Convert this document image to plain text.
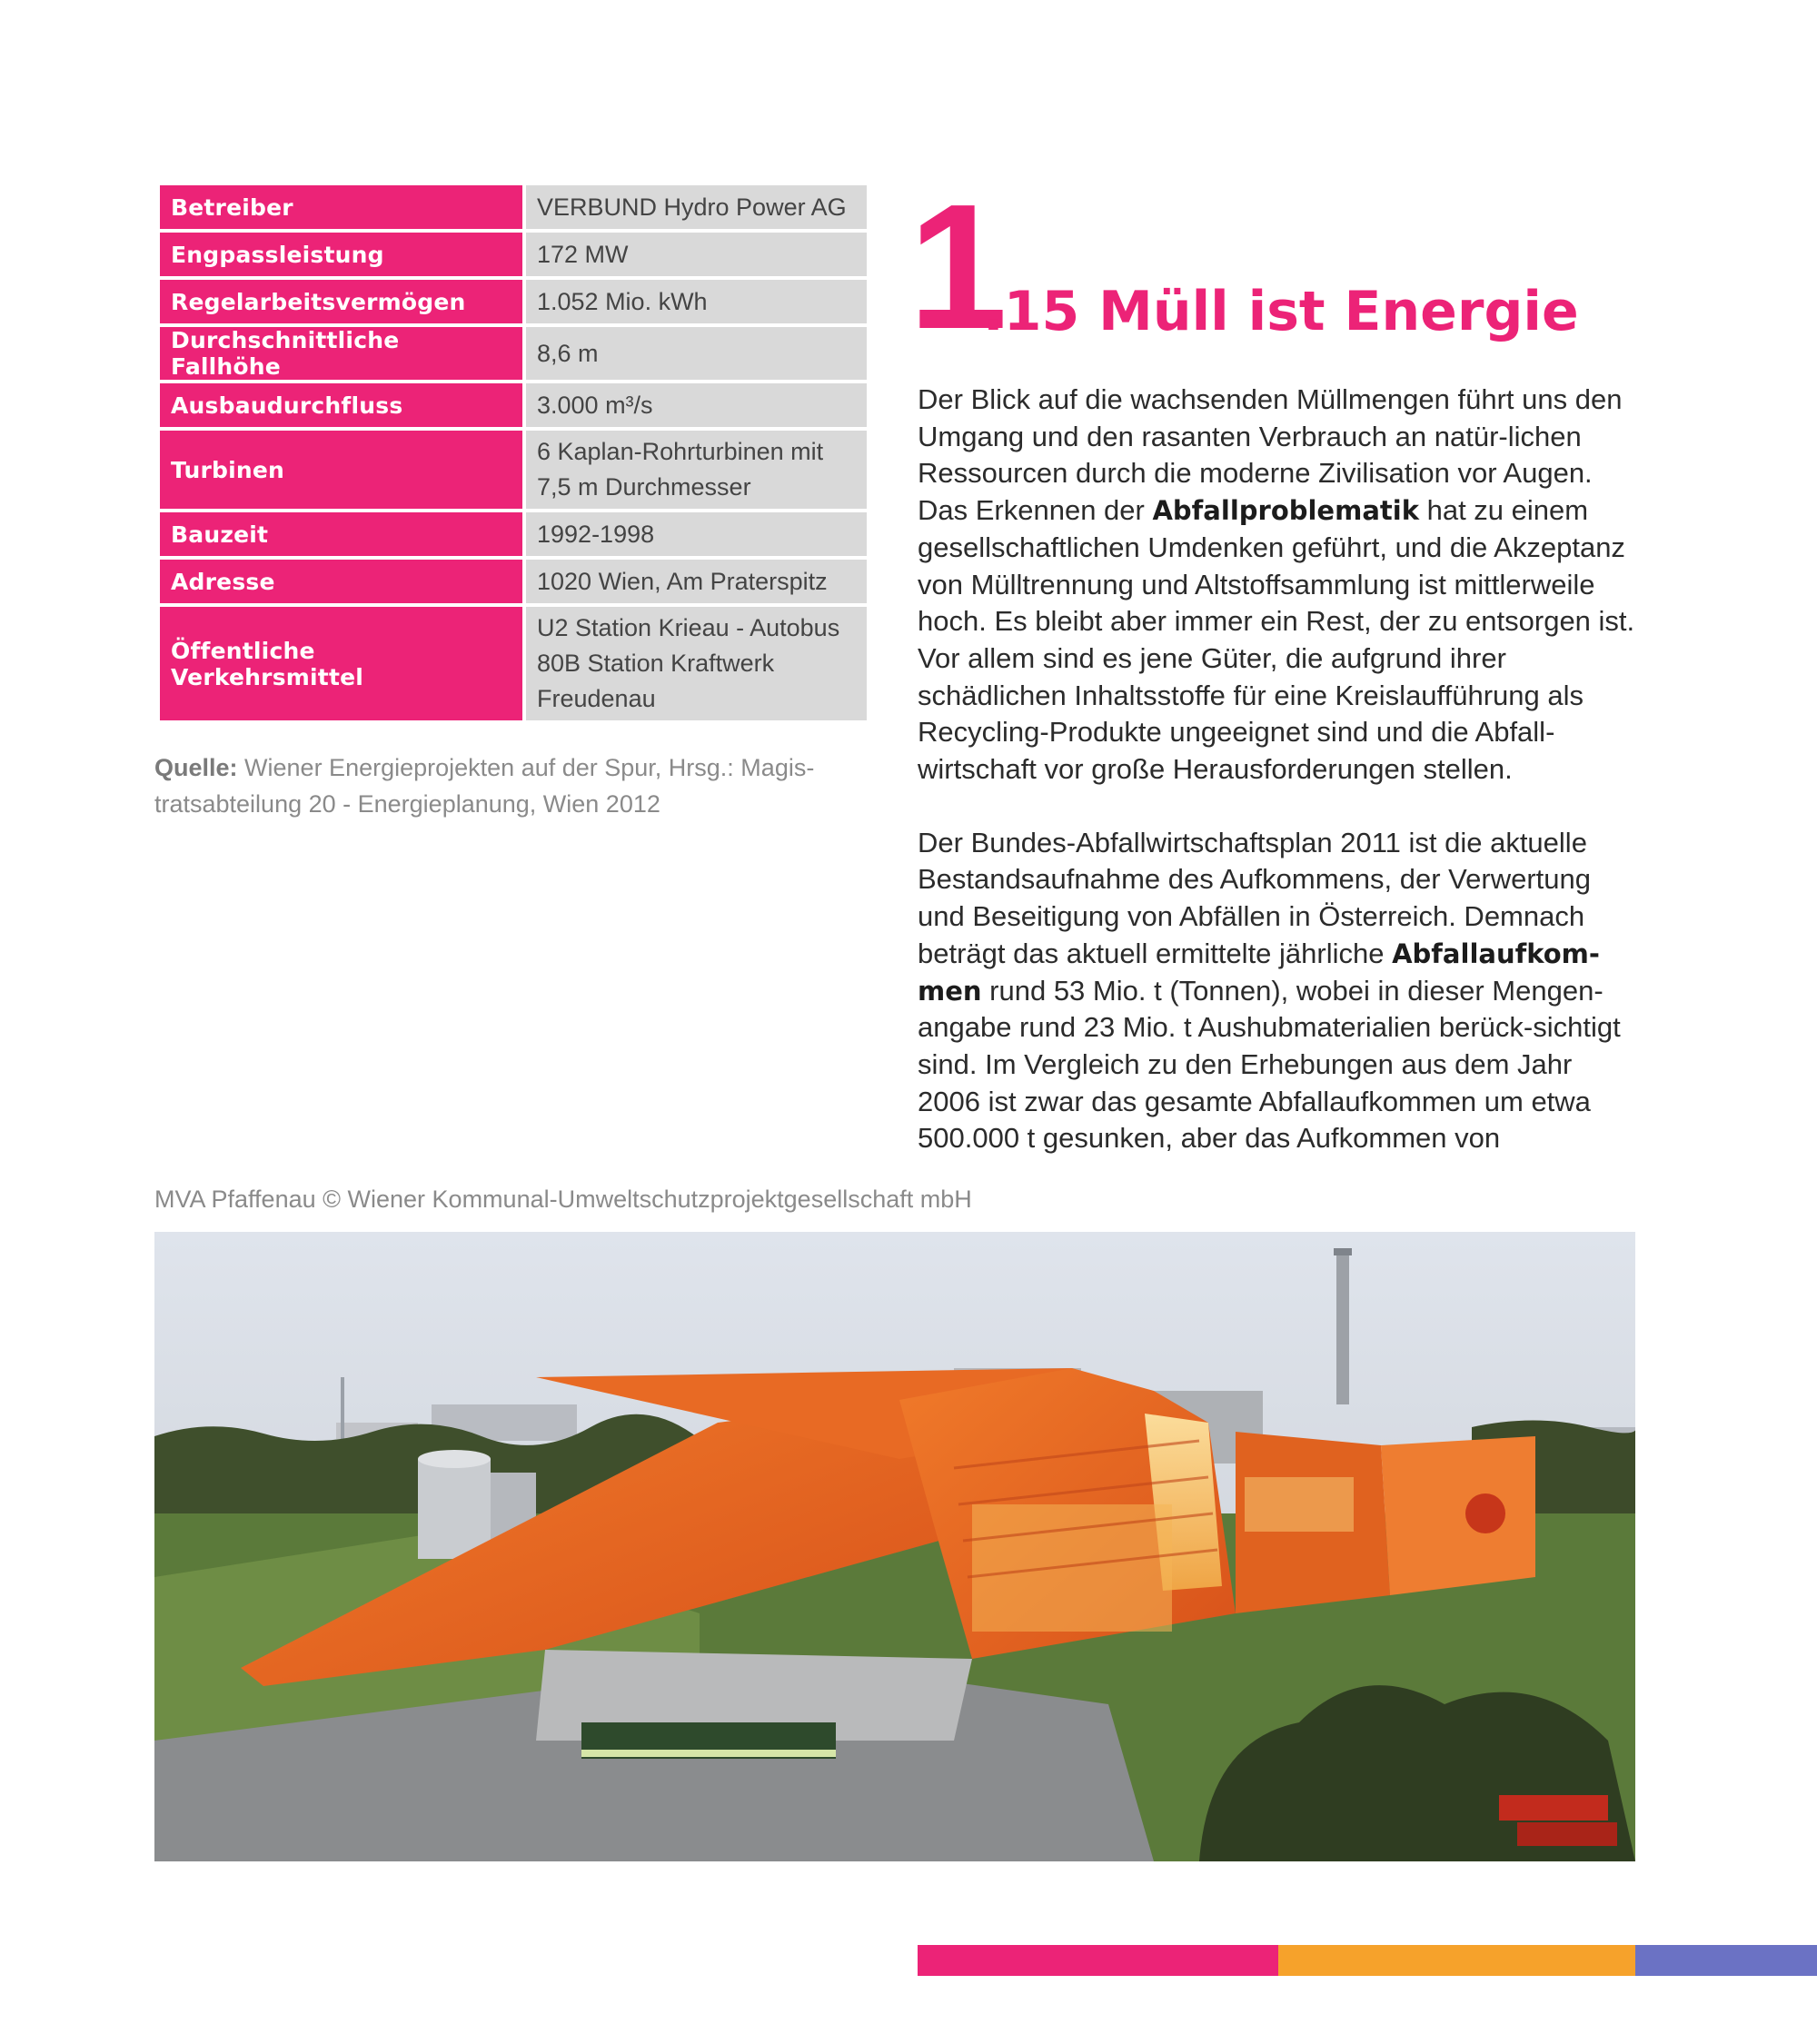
Betreiber	VERBUND Hydro Power AG
Engpassleistung	172 MW
Regelarbeitsvermögen	1.052 Mio. kWh
Durchschnittliche Fallhöhe	8,6 m
Ausbaudurchfluss	3.000 m³/s
Turbinen	6 Kaplan-Rohrturbinen mit
7,5 m Durchmesser

Bauzeit	1992-1998
Adresse	1020 Wien, Am Praterspitz
Öffentliche Verkehrsmittel	U2 Station Krieau - Autobus
80B Station Kraftwerk
Freudenau
Quelle: Wiener Energieprojekten auf der Spur, Hrsg.: Magis-
tratsabteilung 20 - Energieplanung, Wien 2012
1
.15 Müll ist Energie

Der Blick auf die wachsenden Müllmengen führt uns den Umgang und den rasanten Verbrauch an natür-lichen Ressourcen durch die moderne Zivilisation vor Augen. Das Erkennen der Abfallproblematik hat zu einem gesellschaftlichen Umdenken geführt, und die Akzeptanz von Mülltrennung und Altstoffsammlung ist mittlerweile hoch. Es bleibt aber immer ein Rest, der zu entsorgen ist. Vor allem sind es jene Güter, die aufgrund ihrer schädlichen Inhaltsstoffe für eine Kreislaufführung als Recycling-Produkte ungeeignet sind und die Abfall-wirtschaft vor große Herausforderungen stellen.

Der Bundes-Abfallwirtschaftsplan 2011 ist die aktuelle Bestandsaufnahme des Aufkommens, der Verwertung und Beseitigung von Abfällen in Österreich. Demnach beträgt das aktuell ermittelte jährliche Abfallaufkom-men rund 53 Mio. t (Tonnen), wobei in dieser Mengen-angabe rund 23 Mio. t Aushubmaterialien berück-sichtigt sind. Im Vergleich zu den Erhebungen aus dem Jahr 2006 ist zwar das gesamte Abfallaufkommen um etwa 500.000 t gesunken, aber das Aufkommen von

MVA Pfaffenau © Wiener Kommunal-Umweltschutzprojektgesellschaft mbH
